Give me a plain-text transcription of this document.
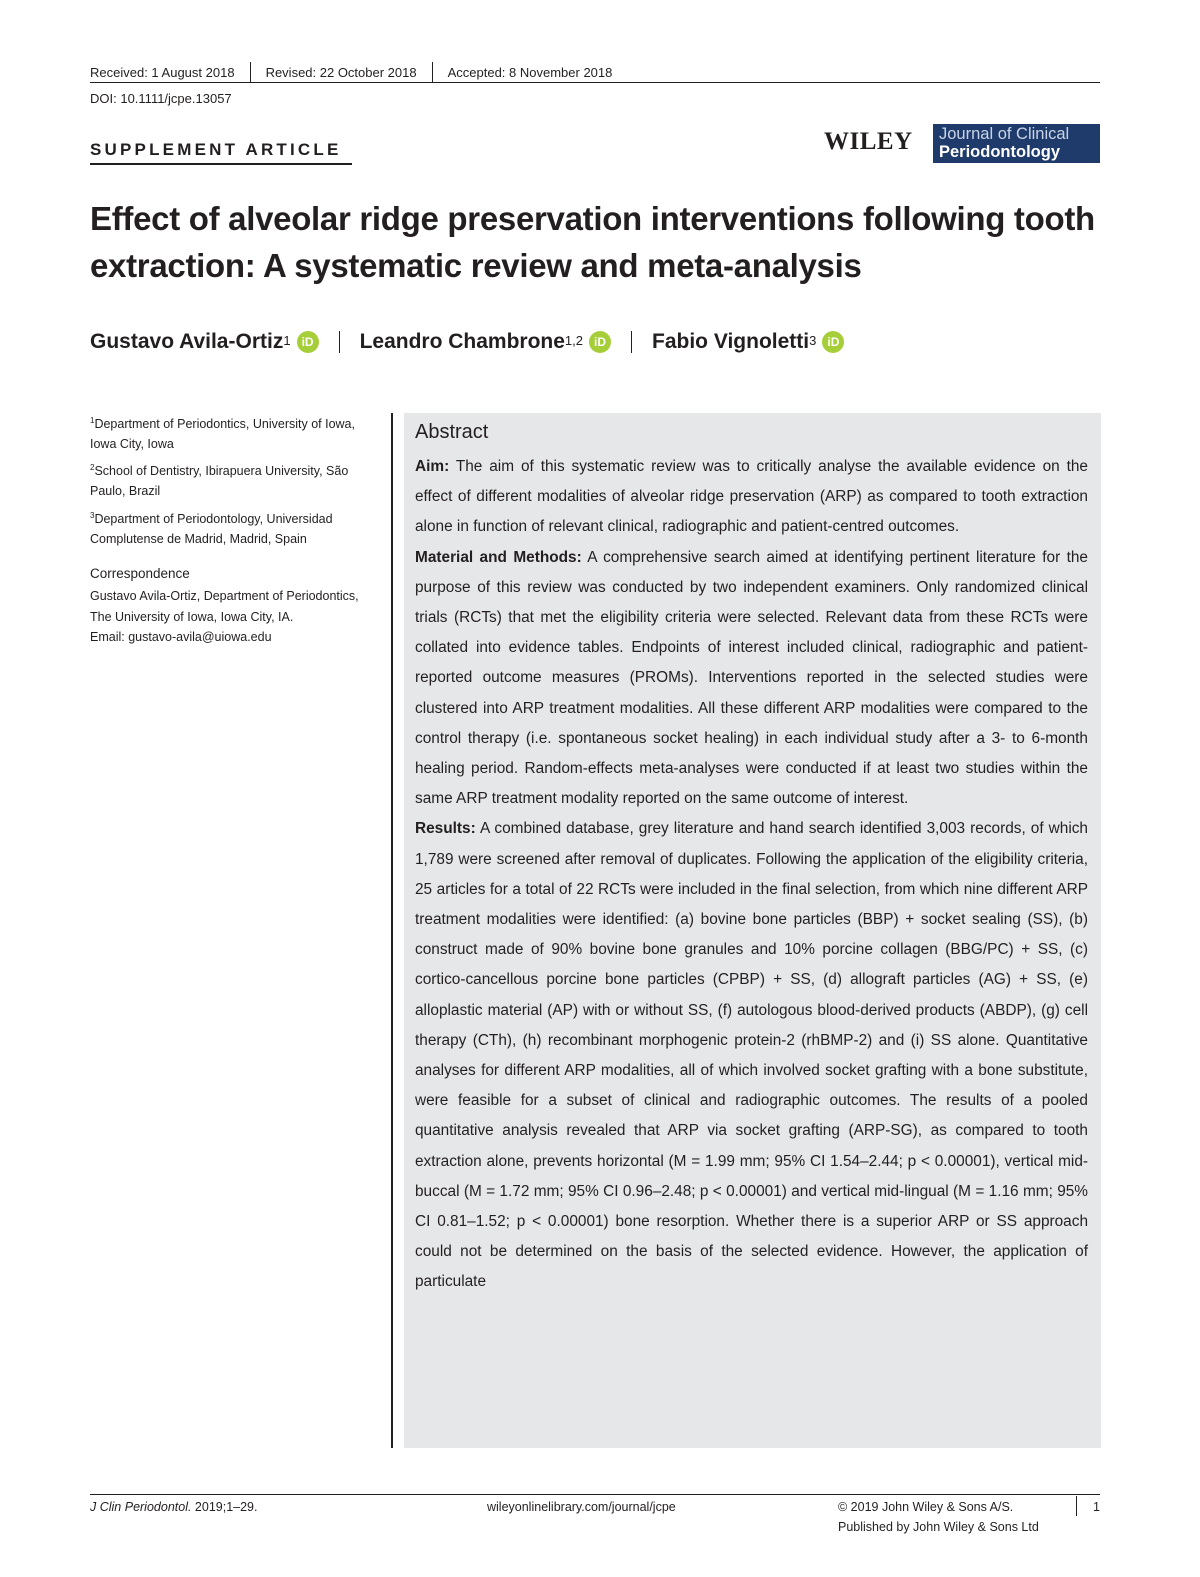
Received: 1 August 2018 Revised: 22 October 2018 Accepted: 8 November 2018
DOI: 10.1111/jcpe.13057
SUPPLEMENT ARTICLE	WILEY Journal of Clinical
Periodontology
Effect of alveolar ridge preservation interventions following tooth extraction: A systematic review and meta-analysis
Gustavo Avila-Ortiz$^1$ iD Leandro Chambrone$^{1,2}$ iD Fabio Vignoletti$^3$ iD
$^1$Department of Periodontics, University of Iowa, Iowa City, Iowa
$^2$School of Dentistry, Ibirapuera University, São Paulo, Brazil
$^3$Department of Periodontology, Universidad Complutense de Madrid, Madrid, Spain
Correspondence
Gustavo Avila-Ortiz, Department of Periodontics, The University of Iowa, Iowa City, IA.
Email: gustavo-avila@uiowa.edu
Abstract

Aim: The aim of this systematic review was to critically analyse the available evidence on the effect of different modalities of alveolar ridge preservation (ARP) as compared to tooth extraction alone in function of relevant clinical, radiographic and patient-centred outcomes.

Material and Methods: A comprehensive search aimed at identifying pertinent literature for the purpose of this review was conducted by two independent examiners. Only randomized clinical trials (RCTs) that met the eligibility criteria were selected. Relevant data from these RCTs were collated into evidence tables. Endpoints of interest included clinical, radiographic and patient-reported outcome measures (PROMs). Interventions reported in the selected studies were clustered into ARP treatment modalities. All these different ARP modalities were compared to the control therapy (i.e. spontaneous socket healing) in each individual study after a 3- to 6-month healing period. Random-effects meta-analyses were conducted if at least two studies within the same ARP treatment modality reported on the same outcome of interest.

Results: A combined database, grey literature and hand search identified 3,003 records, of which 1,789 were screened after removal of duplicates. Following the application of the eligibility criteria, 25 articles for a total of 22 RCTs were included in the final selection, from which nine different ARP treatment modalities were identified: (a) bovine bone particles (BBP) + socket sealing (SS), (b) construct made of 90% bovine bone granules and 10% porcine collagen (BBG/PC) + SS, (c) cortico-cancellous porcine bone particles (CPBP) + SS, (d) allograft particles (AG) + SS, (e) alloplastic material (AP) with or without SS, (f) autologous blood-derived products (ABDP), (g) cell therapy (CTh), (h) recombinant morphogenic protein-2 (rhBMP-2) and (i) SS alone. Quantitative analyses for different ARP modalities, all of which involved socket grafting with a bone substitute, were feasible for a subset of clinical and radiographic outcomes. The results of a pooled quantitative analysis revealed that ARP via socket grafting (ARP-SG), as compared to tooth extraction alone, prevents horizontal (M = 1.99 mm; 95% CI 1.54–2.44; p < 0.00001), vertical mid-buccal (M = 1.72 mm; 95% CI 0.96–2.48; p < 0.00001) and vertical mid-lingual (M = 1.16 mm; 95% CI 0.81–1.52; p < 0.00001) bone resorption. Whether there is a superior ARP or SS approach could not be determined on the basis of the selected evidence. However, the application of particulate

J Clin Periodontol. 2019;1–29.	wileyonlinelibrary.com/journal/jcpe	© 2019 John Wiley & Sons A/S.	1
Published by John Wiley & Sons Ltd
